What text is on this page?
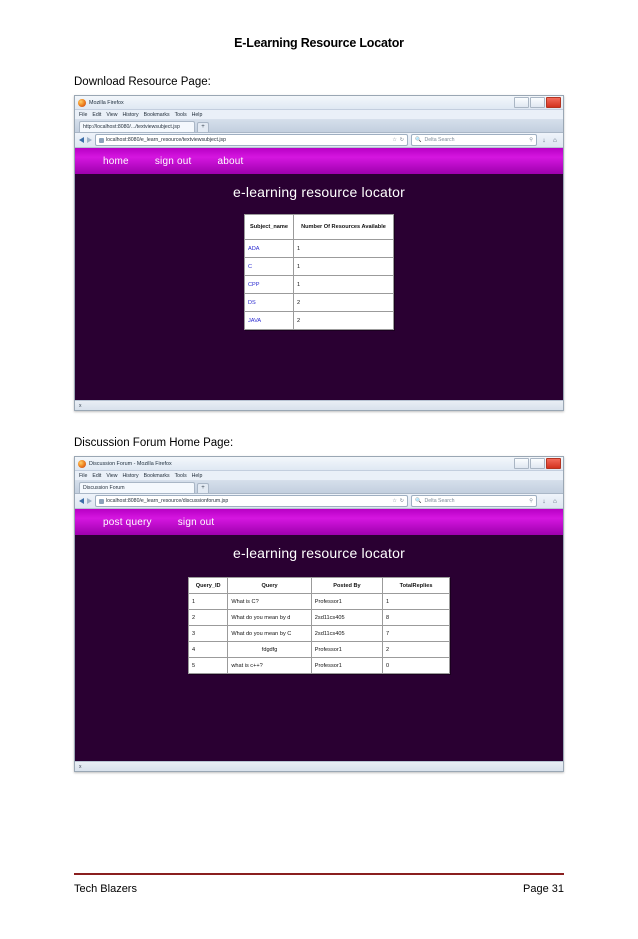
E-Learning Resource Locator
Download Resource Page:
Mozilla Firefox
File Edit View History Bookmarks Tools Help
http://localhost:8080/.../textviewsubject.jsp	+
localhost:8080/e_learn_resource/textviewsubject.jsp	☆ ↻ 🔍 Delta Search	⚲	↓	⌂
home	sign out	about
e-learning resource locator
Subject_name	Number Of Resources Available
ADA	1
C	1
CPP	1
DS	2
JAVA	2
x
Discussion Forum Home Page:
Discussion Forum - Mozilla Firefox
File Edit View History Bookmarks Tools Help
Discussion Forum	+
localhost:8080/e_learn_resource/discussionforum.jsp	☆ ↻ 🔍 Delta Search	⚲	↓	⌂
post query	sign out
e-learning resource locator
Query_ID	Query	Posted By	TotalReplies
1	What is C?	Professor1	1
2	What do you mean by d	2sd11cs405	8
3	What do you mean by C	2sd11cs405	7
4	fdgdfg	Professor1	2
5	what is c++?	Professor1	0
x
Tech Blazers	Page 31
